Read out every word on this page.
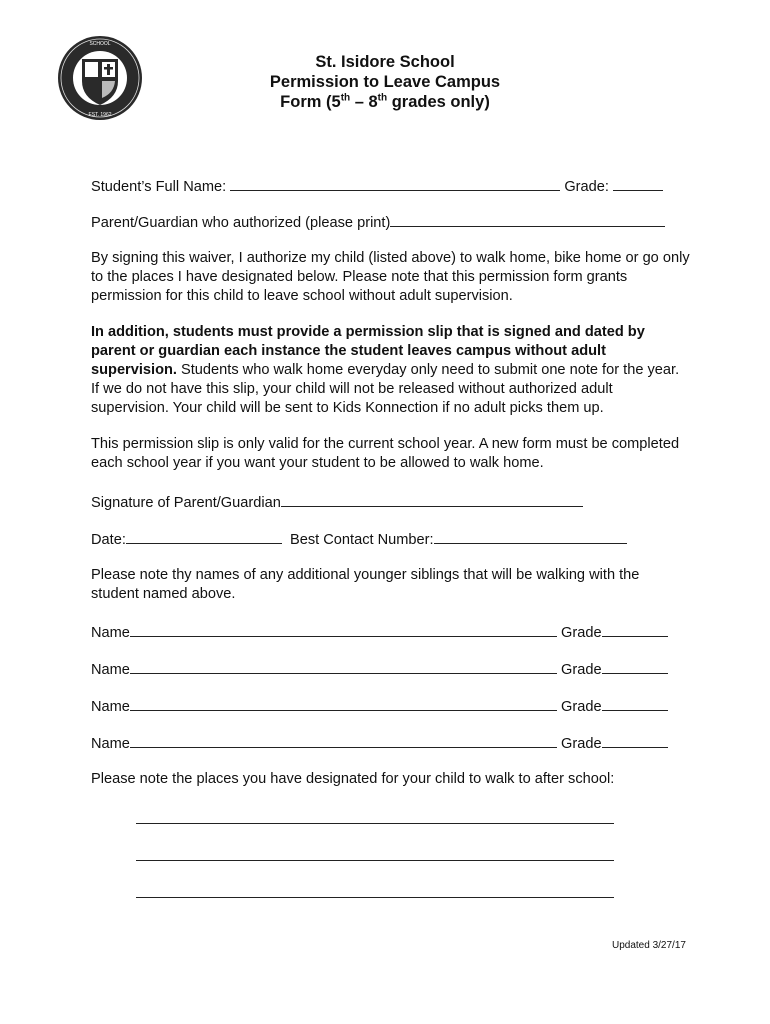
SCHOOL
EST. 1962
St. Isidore School
Permission to Leave Campus
Form (5th – 8th grades only)
Student’s Full Name:	Grade:
Parent/Guardian who authorized (please print)
By signing this waiver, I authorize my child (listed above) to walk home, bike home or go only to the places I have designated below. Please note that this permission form grants permission for this child to leave school without adult supervision.
In addition, students must provide a permission slip that is signed and dated by parent or guardian each instance the student leaves campus without adult supervision. Students who walk home everyday only need to submit one note for the year. If we do not have this slip, your child will not be released without authorized adult supervision. Your child will be sent to Kids Konnection if no adult picks them up.
This permission slip is only valid for the current school year. A new form must be completed each school year if you want your student to be allowed to walk home.
Signature of Parent/Guardian
Date:	Best Contact Number:
Please note thy names of any additional younger siblings that will be walking with the student named above.
Name	Grade
Name	Grade
Name	Grade
Name	Grade
Please note the places you have designated for your child to walk to after school:
Updated 3/27/17
